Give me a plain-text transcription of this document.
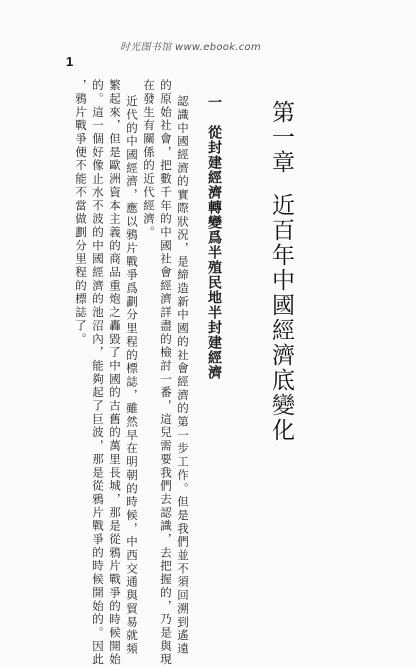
时光图书馆 www.ebook.com
1
第一章近百年中國經濟底變化
一　從封建經濟轉變爲半殖民地半封建經濟
認識中國經濟的實際狀況，是締造新中國的社會經濟的第一步工作。但是我們並不須回溯到遙遠
的原始社會，把數千年的中國社會經濟詳盡的檢討一番，這兒需要我們去認識，去把握的，乃是與現
在發生有關係的近代經濟。
近代的中國經濟，應以鴉片戰爭爲劃分里程的標誌，雖然早在明朝的時候，中西交通與貿易就頻
繁起來，但是歐洲資本主義的商品重炮之轟毀了中國的古舊的萬里長城，那是從鴉片戰爭的時候開始
的。這一個好像止水不波的中國經濟的池沼內，能夠起了巨波，那是從鴉片戰爭的時候開始的。因此
，鴉片戰爭便不能不當做劃分里程的標誌了。
